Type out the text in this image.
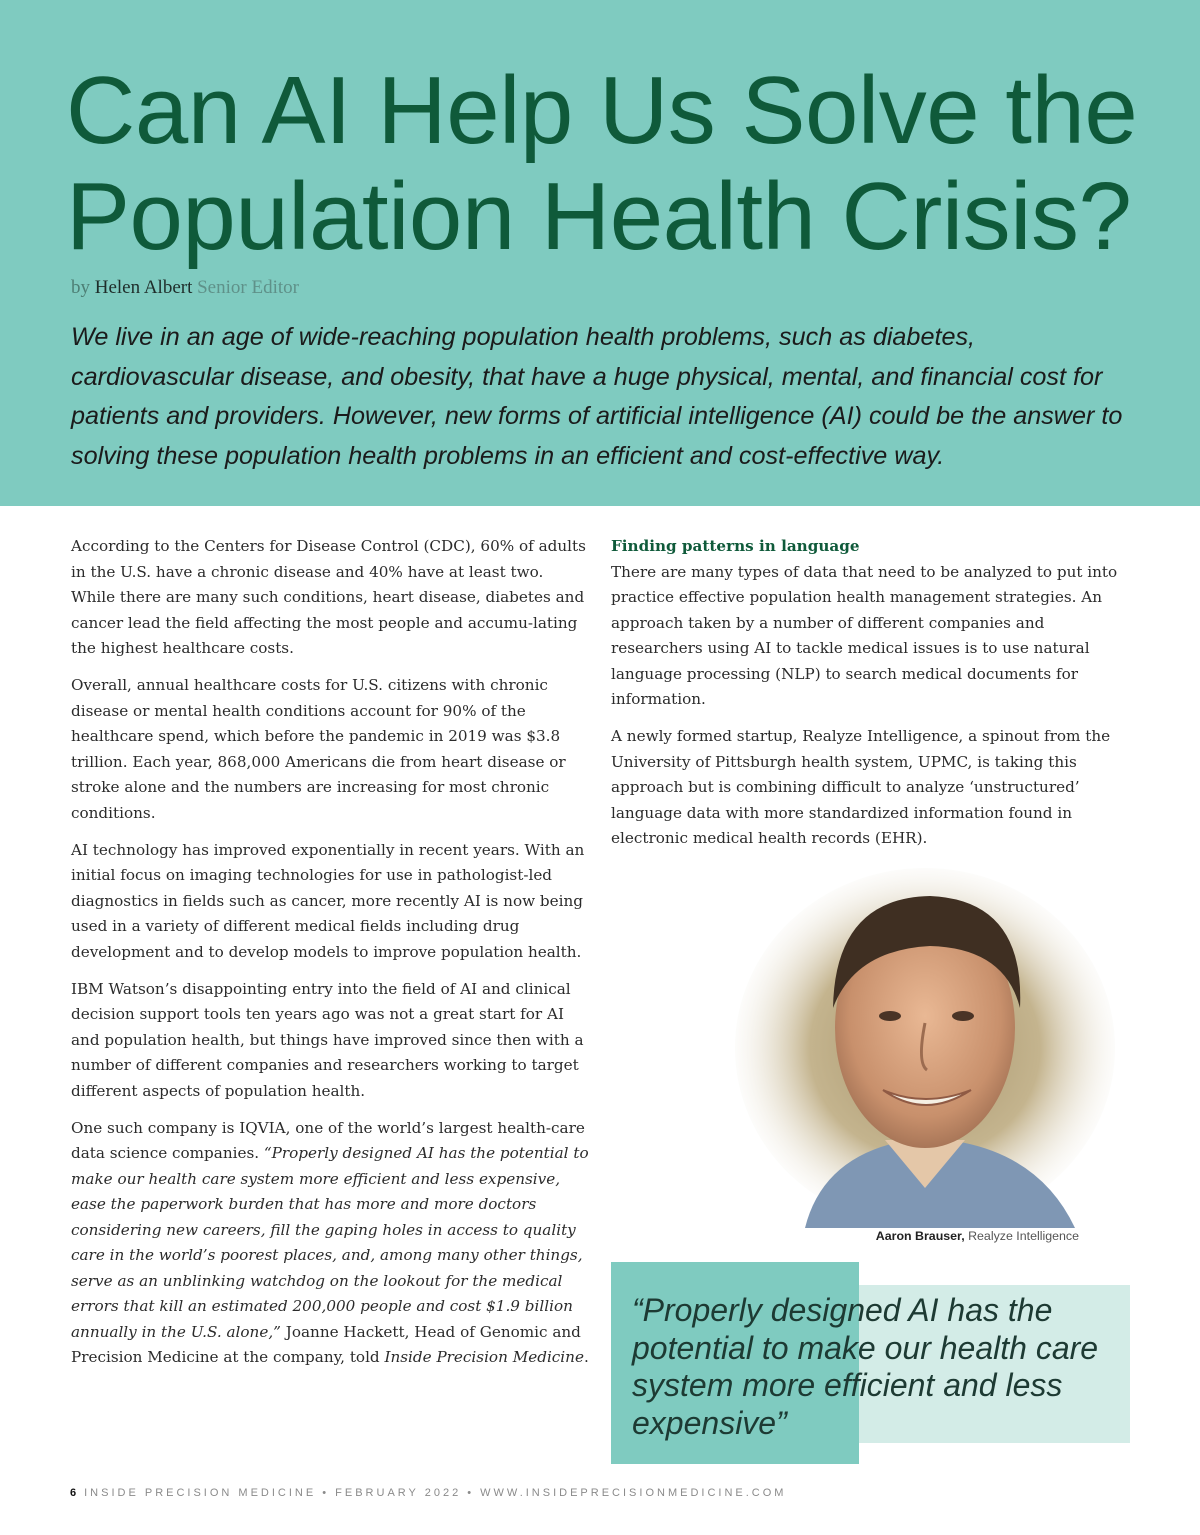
Can AI Help Us Solve the
Population Health Crisis?

by Helen Albert Senior Editor

We live in an age of wide-reaching population health problems, such as diabetes, cardiovascular disease, and obesity, that have a huge physical, mental, and financial cost for patients and providers. However, new forms of artificial intelligence (AI) could be the answer to solving these population health problems in an efficient and cost-effective way.

According to the Centers for Disease Control (CDC), 60% of adults in the U.S. have a chronic disease and 40% have at least two. While there are many such conditions, heart disease, diabetes and cancer lead the field affecting the most people and accumu-lating the highest healthcare costs.

Overall, annual healthcare costs for U.S. citizens with chronic disease or mental health conditions account for 90% of the healthcare spend, which before the pandemic in 2019 was $3.8 trillion. Each year, 868,000 Americans die from heart disease or stroke alone and the numbers are increasing for most chronic conditions.

AI technology has improved exponentially in recent years. With an initial focus on imaging technologies for use in pathologist-led diagnostics in fields such as cancer, more recently AI is now being used in a variety of different medical fields including drug development and to develop models to improve population health.

IBM Watson’s disappointing entry into the field of AI and clinical decision support tools ten years ago was not a great start for AI and population health, but things have improved since then with a number of different companies and researchers working to target different aspects of population health.

One such company is IQVIA, one of the world’s largest health-care data science companies. “Properly designed AI has the potential to make our health care system more efficient and less expensive, ease the paperwork burden that has more and more doctors considering new careers, fill the gaping holes in access to quality care in the world’s poorest places, and, among many other things, serve as an unblinking watchdog on the lookout for the medical errors that kill an estimated 200,000 people and cost $1.9 billion annually in the U.S. alone,” Joanne Hackett, Head of Genomic and Precision Medicine at the company, told Inside Precision Medicine.

Finding patterns in language

There are many types of data that need to be analyzed to put into practice effective population health management strategies. An approach taken by a number of different companies and researchers using AI to tackle medical issues is to use natural language processing (NLP) to search medical documents for information.

A newly formed startup, Realyze Intelligence, a spinout from the University of Pittsburgh health system, UPMC, is taking this approach but is combining difficult to analyze ‘unstructured’ language data with more standardized information found in electronic medical health records (EHR).

Aaron Brauser, Realyze Intelligence

“Properly designed AI has the potential to make our health care system more efficient and less expensive”

6 INSIDE PRECISION MEDICINE • FEBRUARY 2022 • WWW.INSIDEPRECISIONMEDICINE.COM
